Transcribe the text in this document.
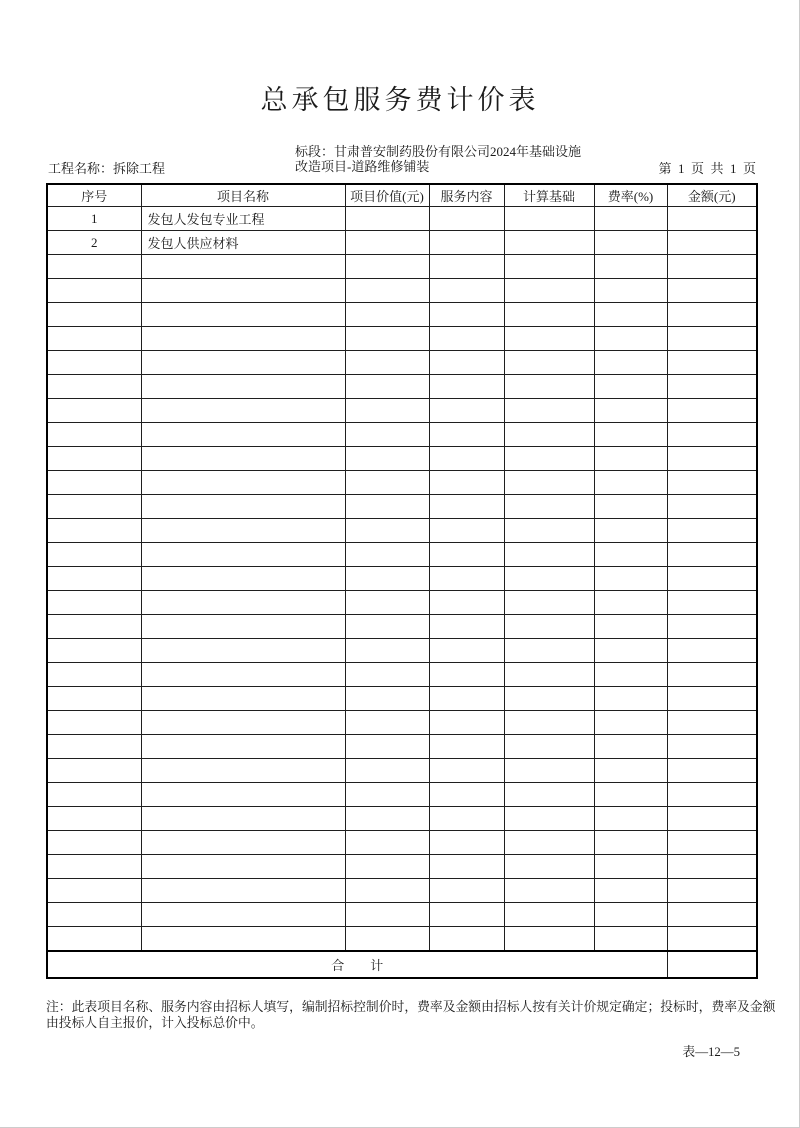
总承包服务费计价表
工程名称：拆除工程
标段：甘肃普安制药股份有限公司2024年基础设施
改造项目-道路维修铺装	第  1  页  共  1  页
序号	项目名称	项目价值(元)	服务内容	计算基础	费率(%)	金额(元)
1	发包人发包专业工程					
2	发包人供应材料					

合　　计						
注：此表项目名称、服务内容由招标人填写，编制招标控制价时，费率及金额由招标人按有关计价规定确定；投标时，费率及金额
由投标人自主报价，计入投标总价中。
表—12—5
